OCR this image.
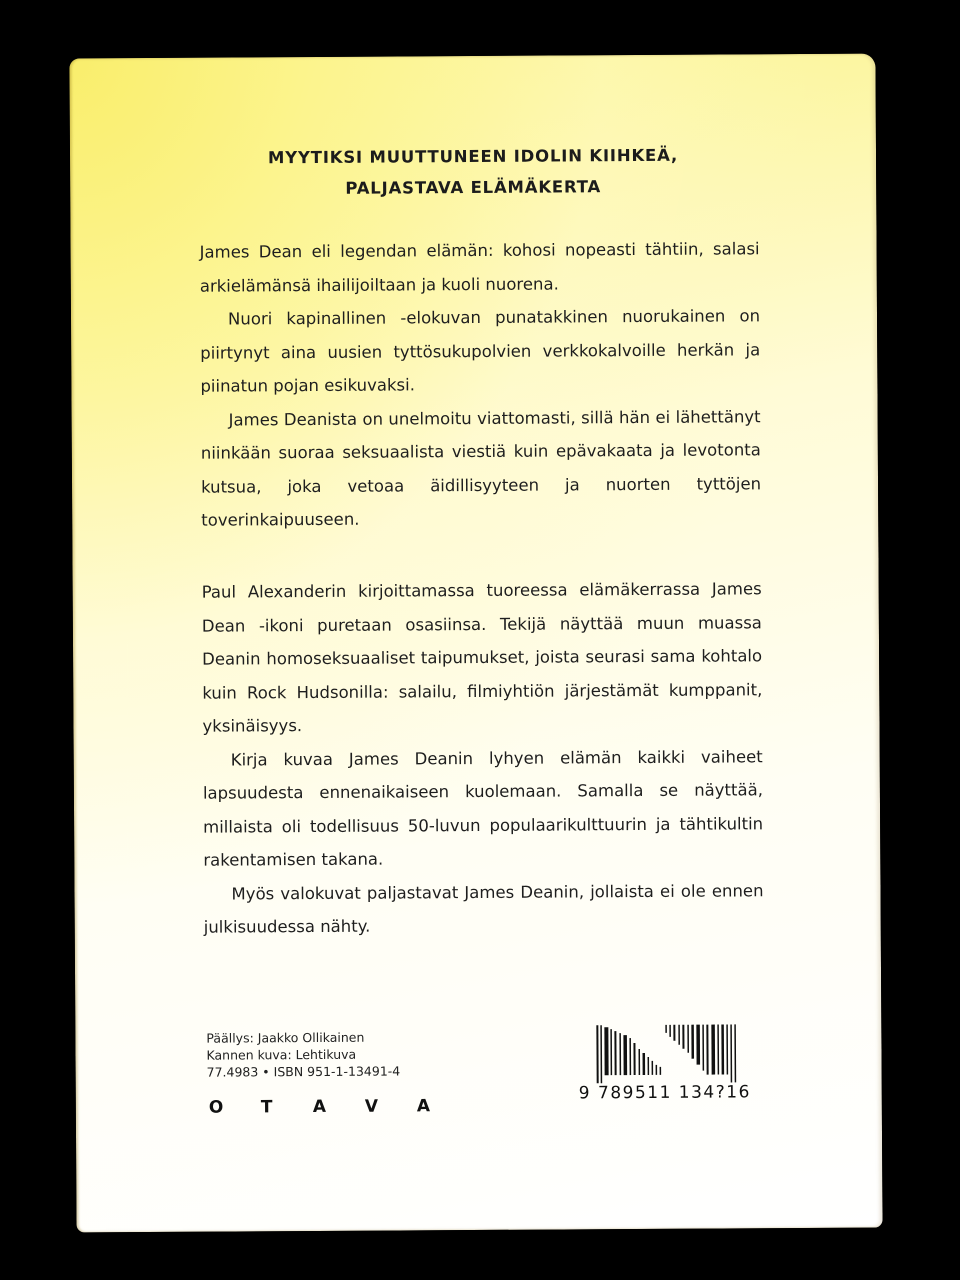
MYYTIKSI MUUTTUNEEN IDOLIN KIIHKEÄ,
PALJASTAVA ELÄMÄKERTA

James Dean eli legendan elämän: kohosi nopeasti tähtiin, salasi arkielämänsä ihailijoiltaan ja kuoli nuorena.

Nuori kapinallinen -elokuvan punatakkinen nuorukainen on piirtynyt aina uusien tyttösukupolvien verkkokalvoille herkän ja piinatun pojan esikuvaksi.

James Deanista on unelmoitu viattomasti, sillä hän ei lähettänyt niinkään suoraa seksuaalista viestiä kuin epävakaata ja levotonta kutsua, joka vetoaa äidillisyyteen ja nuorten tyttöjen toverinkaipuuseen.

Paul Alexanderin kirjoittamassa tuoreessa elämäkerrassa James Dean -ikoni puretaan osasiinsa. Tekijä näyttää muun muassa Deanin homoseksuaaliset taipumukset, joista seurasi sama kohtalo kuin Rock Hudsonilla: salailu, filmiyhtiön järjestämät kumppanit, yksinäisyys.

Kirja kuvaa James Deanin lyhyen elämän kaikki vaiheet lapsuudesta ennenaikaiseen kuolemaan. Samalla se näyttää, millaista oli todellisuus 50-luvun populaarikulttuurin ja tähtikultin rakentamisen takana.

Myös valokuvat paljastavat James Deanin, jollaista ei ole ennen julkisuudessa nähty.

Päällys: Jaakko Ollikainen
Kannen kuva: Lehtikuva
77.4983 • ISBN 951-1-13491-4
O T A V A
9 789511 134?16
